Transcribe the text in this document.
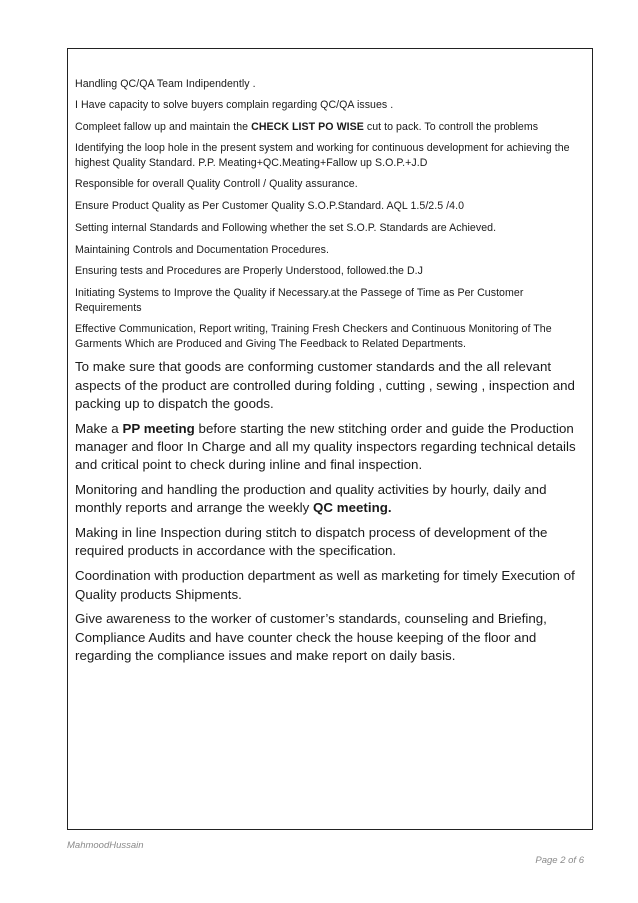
Handling QC/QA Team Indipendently .

I Have capacity to solve buyers complain regarding QC/QA issues .

Compleet fallow up and maintain the CHECK LIST PO WISE cut to pack. To controll the problems

Identifying the loop hole in the present system and working for continuous development for achieving the highest Quality Standard. P.P. Meating+QC.Meating+Fallow up S.O.P.+J.D

Responsible for overall Quality Controll / Quality assurance.

Ensure Product Quality as Per Customer Quality S.O.P.Standard. AQL 1.5/2.5 /4.0

Setting internal Standards and Following whether the set S.O.P. Standards are Achieved.

Maintaining Controls and Documentation Procedures.

Ensuring tests and Procedures are Properly Understood, followed.the D.J

Initiating Systems to Improve the Quality if Necessary.at the Passege of Time as Per Customer Requirements

Effective Communication, Report writing, Training Fresh Checkers and Continuous Monitoring of The Garments Which are Produced and Giving The Feedback to Related Departments.

To make sure that goods are conforming customer standards and the all relevant aspects of the product are controlled during folding , cutting , sewing , inspection and packing up to dispatch the goods.

Make a PP meeting before starting the new stitching order and guide the Production manager and floor In Charge and all my quality inspectors regarding technical details and critical point to check during inline and final inspection.

Monitoring and handling the production and quality activities by hourly, daily and monthly reports and arrange the weekly QC meeting.

Making in line Inspection during stitch to dispatch process of development of the required products in accordance with the specification.

Coordination with production department as well as marketing for timely Execution of Quality products Shipments.

Give awareness to the worker of customer’s standards, counseling and Briefing, Compliance Audits and have counter check the house keeping of the floor and regarding the compliance issues and make report on daily basis.

MahmoodHussain
Page 2 of 6
